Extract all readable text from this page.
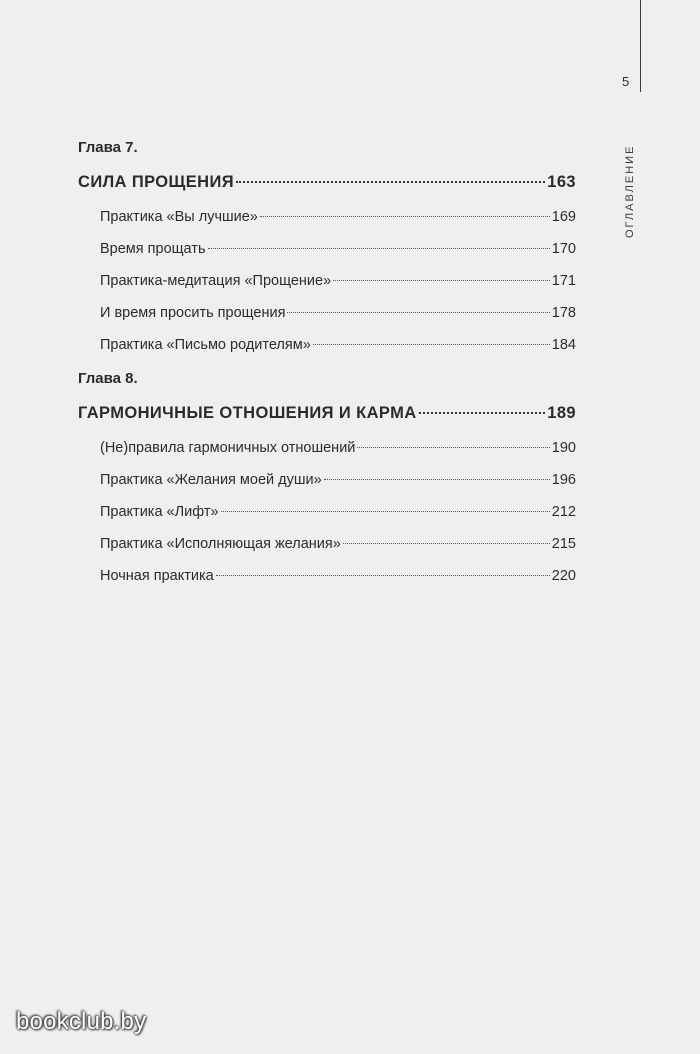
5
ОГЛАВЛЕНИЕ
Глава 7.
СИЛА ПРОЩЕНИЯ	163
Практика «Вы лучшие»	169
Время прощать	170
Практика-медитация «Прощение»	171
И время просить прощения	178
Практика «Письмо родителям»	184
Глава 8.
ГАРМОНИЧНЫЕ ОТНОШЕНИЯ И КАРМА	189
(Не)правила гармоничных отношений	190
Практика «Желания моей души»	196
Практика «Лифт»	212
Практика «Исполняющая желания»	215
Ночная практика	220
bookclub.by
